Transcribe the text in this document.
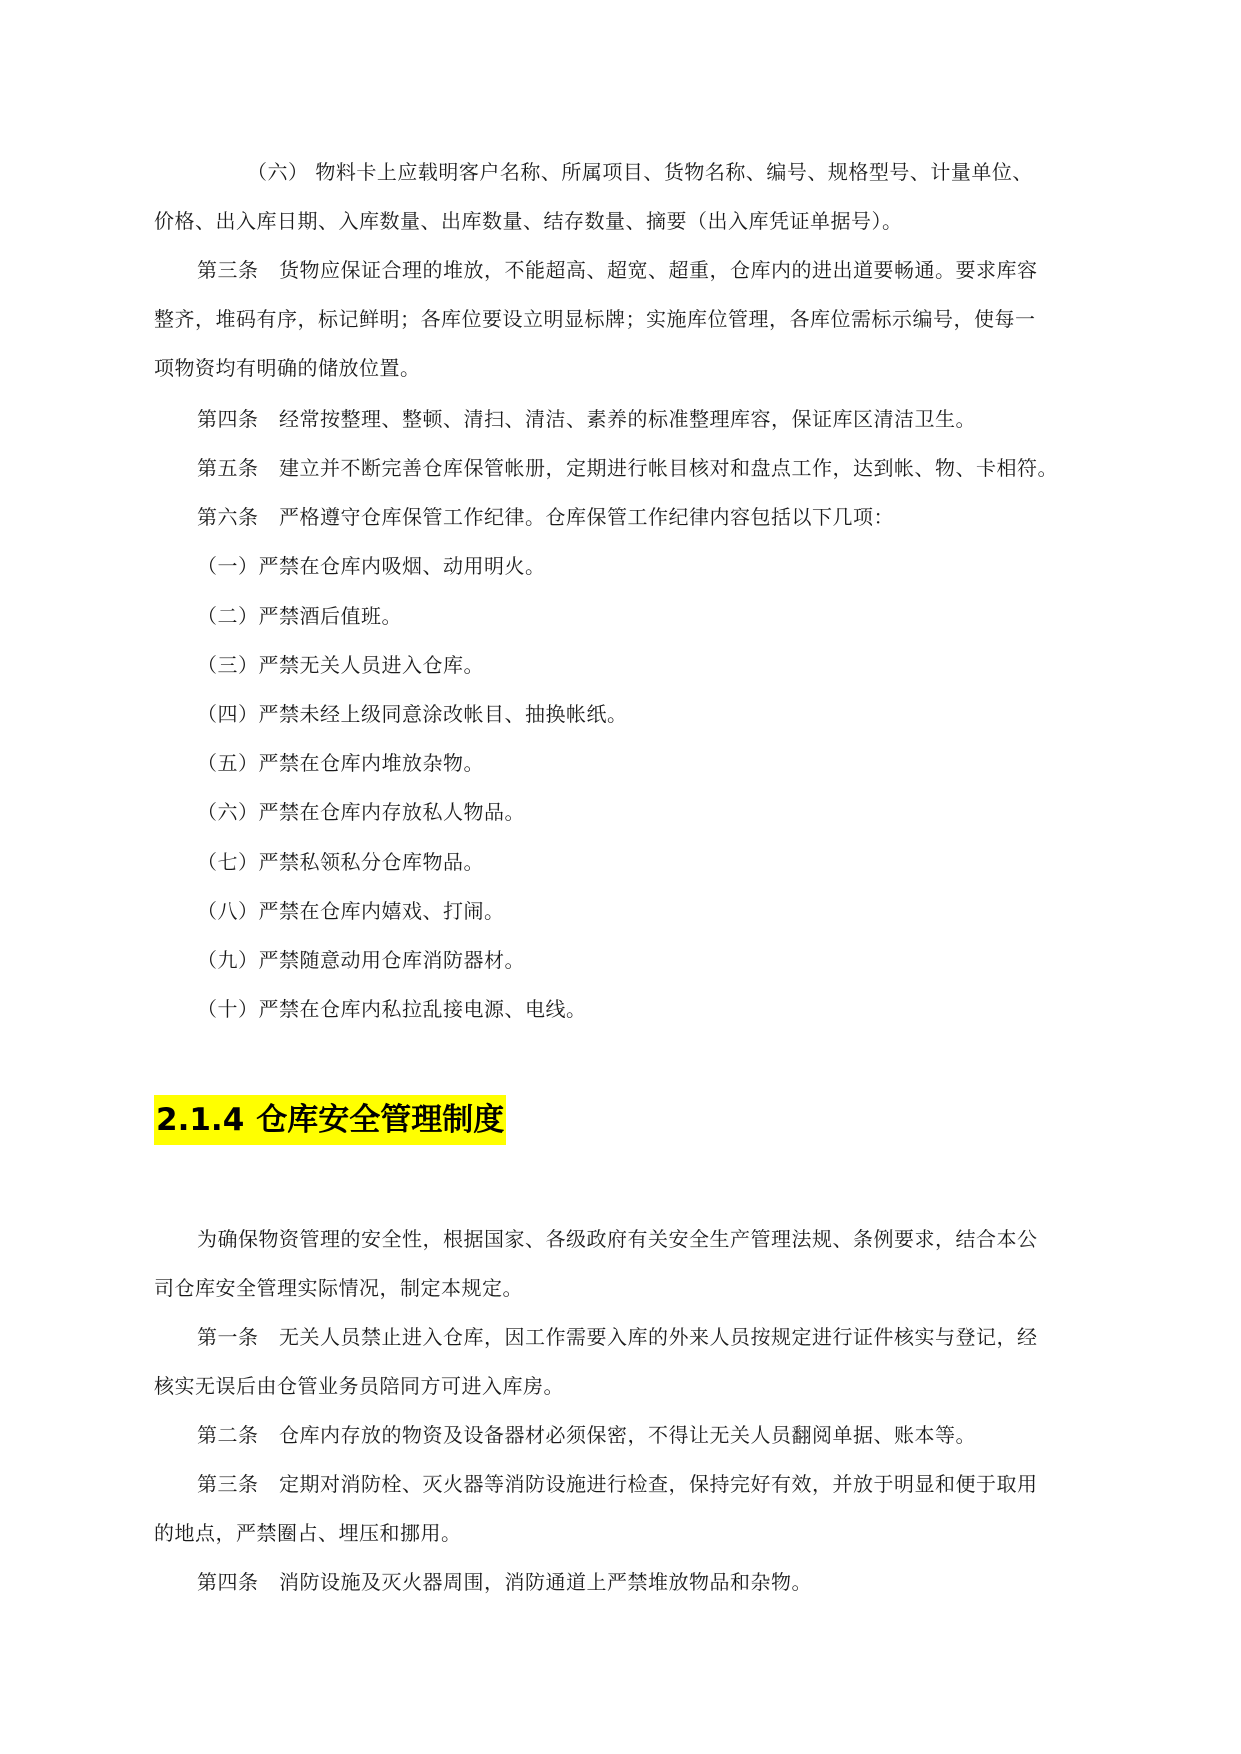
（六） 物料卡上应载明客户名称、所属项目、货物名称、编号、规格型号、计量单位、
价格、出入库日期、入库数量、出库数量、结存数量、摘要（出入库凭证单据号）。
第三条　货物应保证合理的堆放，不能超高、超宽、超重，仓库内的进出道要畅通。要求库容
整齐，堆码有序，标记鲜明；各库位要设立明显标牌；实施库位管理，各库位需标示编号，使每一
项物资均有明确的储放位置。
第四条　经常按整理、整顿、清扫、清洁、素养的标准整理库容，保证库区清洁卫生。
第五条　建立并不断完善仓库保管帐册，定期进行帐目核对和盘点工作，达到帐、物、卡相符。
第六条　严格遵守仓库保管工作纪律。仓库保管工作纪律内容包括以下几项：
（一）严禁在仓库内吸烟、动用明火。
（二）严禁酒后值班。
（三）严禁无关人员进入仓库。
（四）严禁未经上级同意涂改帐目、抽换帐纸。
（五）严禁在仓库内堆放杂物。
（六）严禁在仓库内存放私人物品。
（七）严禁私领私分仓库物品。
（八）严禁在仓库内嬉戏、打闹。
（九）严禁随意动用仓库消防器材。
（十）严禁在仓库内私拉乱接电源、电线。
2.1.4 仓库安全管理制度
为确保物资管理的安全性，根据国家、各级政府有关安全生产管理法规、条例要求，结合本公
司仓库安全管理实际情况，制定本规定。
第一条　无关人员禁止进入仓库，因工作需要入库的外来人员按规定进行证件核实与登记，经
核实无误后由仓管业务员陪同方可进入库房。
第二条　仓库内存放的物资及设备器材必须保密，不得让无关人员翻阅单据、账本等。
第三条　定期对消防栓、灭火器等消防设施进行检查，保持完好有效，并放于明显和便于取用
的地点，严禁圈占、埋压和挪用。
第四条　消防设施及灭火器周围，消防通道上严禁堆放物品和杂物。
